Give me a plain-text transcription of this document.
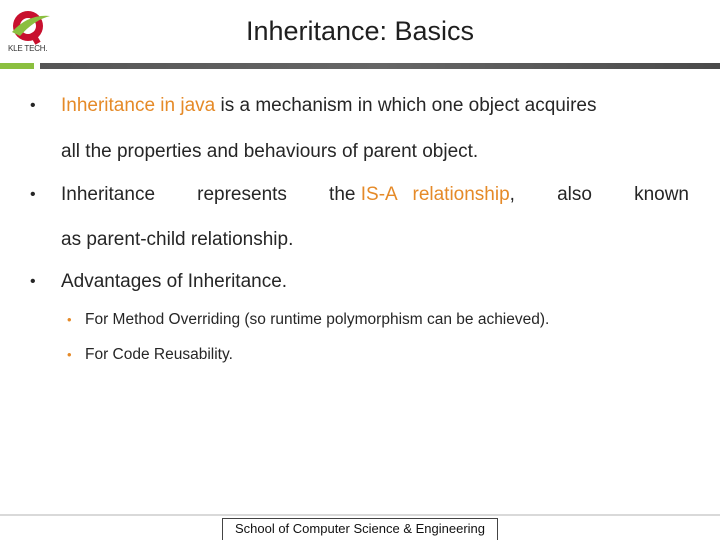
KLE TECH.
Inheritance: Basics
• Inheritance in java is a mechanism in which one object acquires
all the properties and behaviours of parent object.
• Inheritance represents the IS-A   relationship, also known
as parent-child relationship.
• Advantages of Inheritance.
• For Method Overriding (so runtime polymorphism can be achieved).
• For Code Reusability.
School of Computer Science & Engineering
